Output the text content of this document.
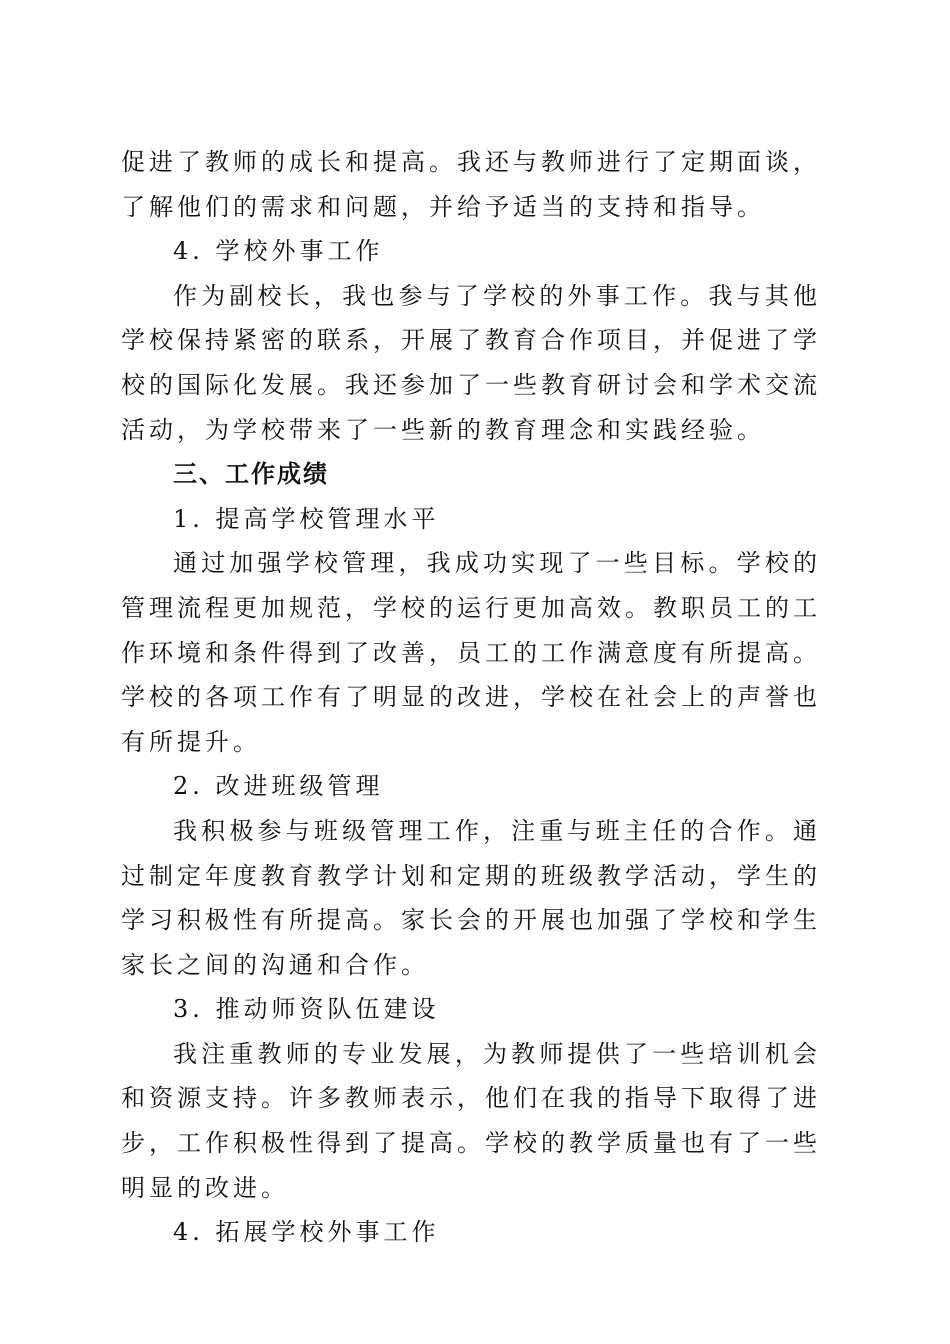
促进了教师的成长和提高。我还与教师进行了定期面谈，了解他们的需求和问题，并给予适当的支持和指导。

4. 学校外事工作

作为副校长，我也参与了学校的外事工作。我与其他学校保持紧密的联系，开展了教育合作项目，并促进了学校的国际化发展。我还参加了一些教育研讨会和学术交流活动，为学校带来了一些新的教育理念和实践经验。

三、工作成绩

1. 提高学校管理水平

通过加强学校管理，我成功实现了一些目标。学校的管理流程更加规范，学校的运行更加高效。教职员工的工作环境和条件得到了改善，员工的工作满意度有所提高。学校的各项工作有了明显的改进，学校在社会上的声誉也有所提升。

2. 改进班级管理

我积极参与班级管理工作，注重与班主任的合作。通过制定年度教育教学计划和定期的班级教学活动，学生的学习积极性有所提高。家长会的开展也加强了学校和学生家长之间的沟通和合作。

3. 推动师资队伍建设

我注重教师的专业发展，为教师提供了一些培训机会和资源支持。许多教师表示，他们在我的指导下取得了进步，工作积极性得到了提高。学校的教学质量也有了一些明显的改进。

4. 拓展学校外事工作
